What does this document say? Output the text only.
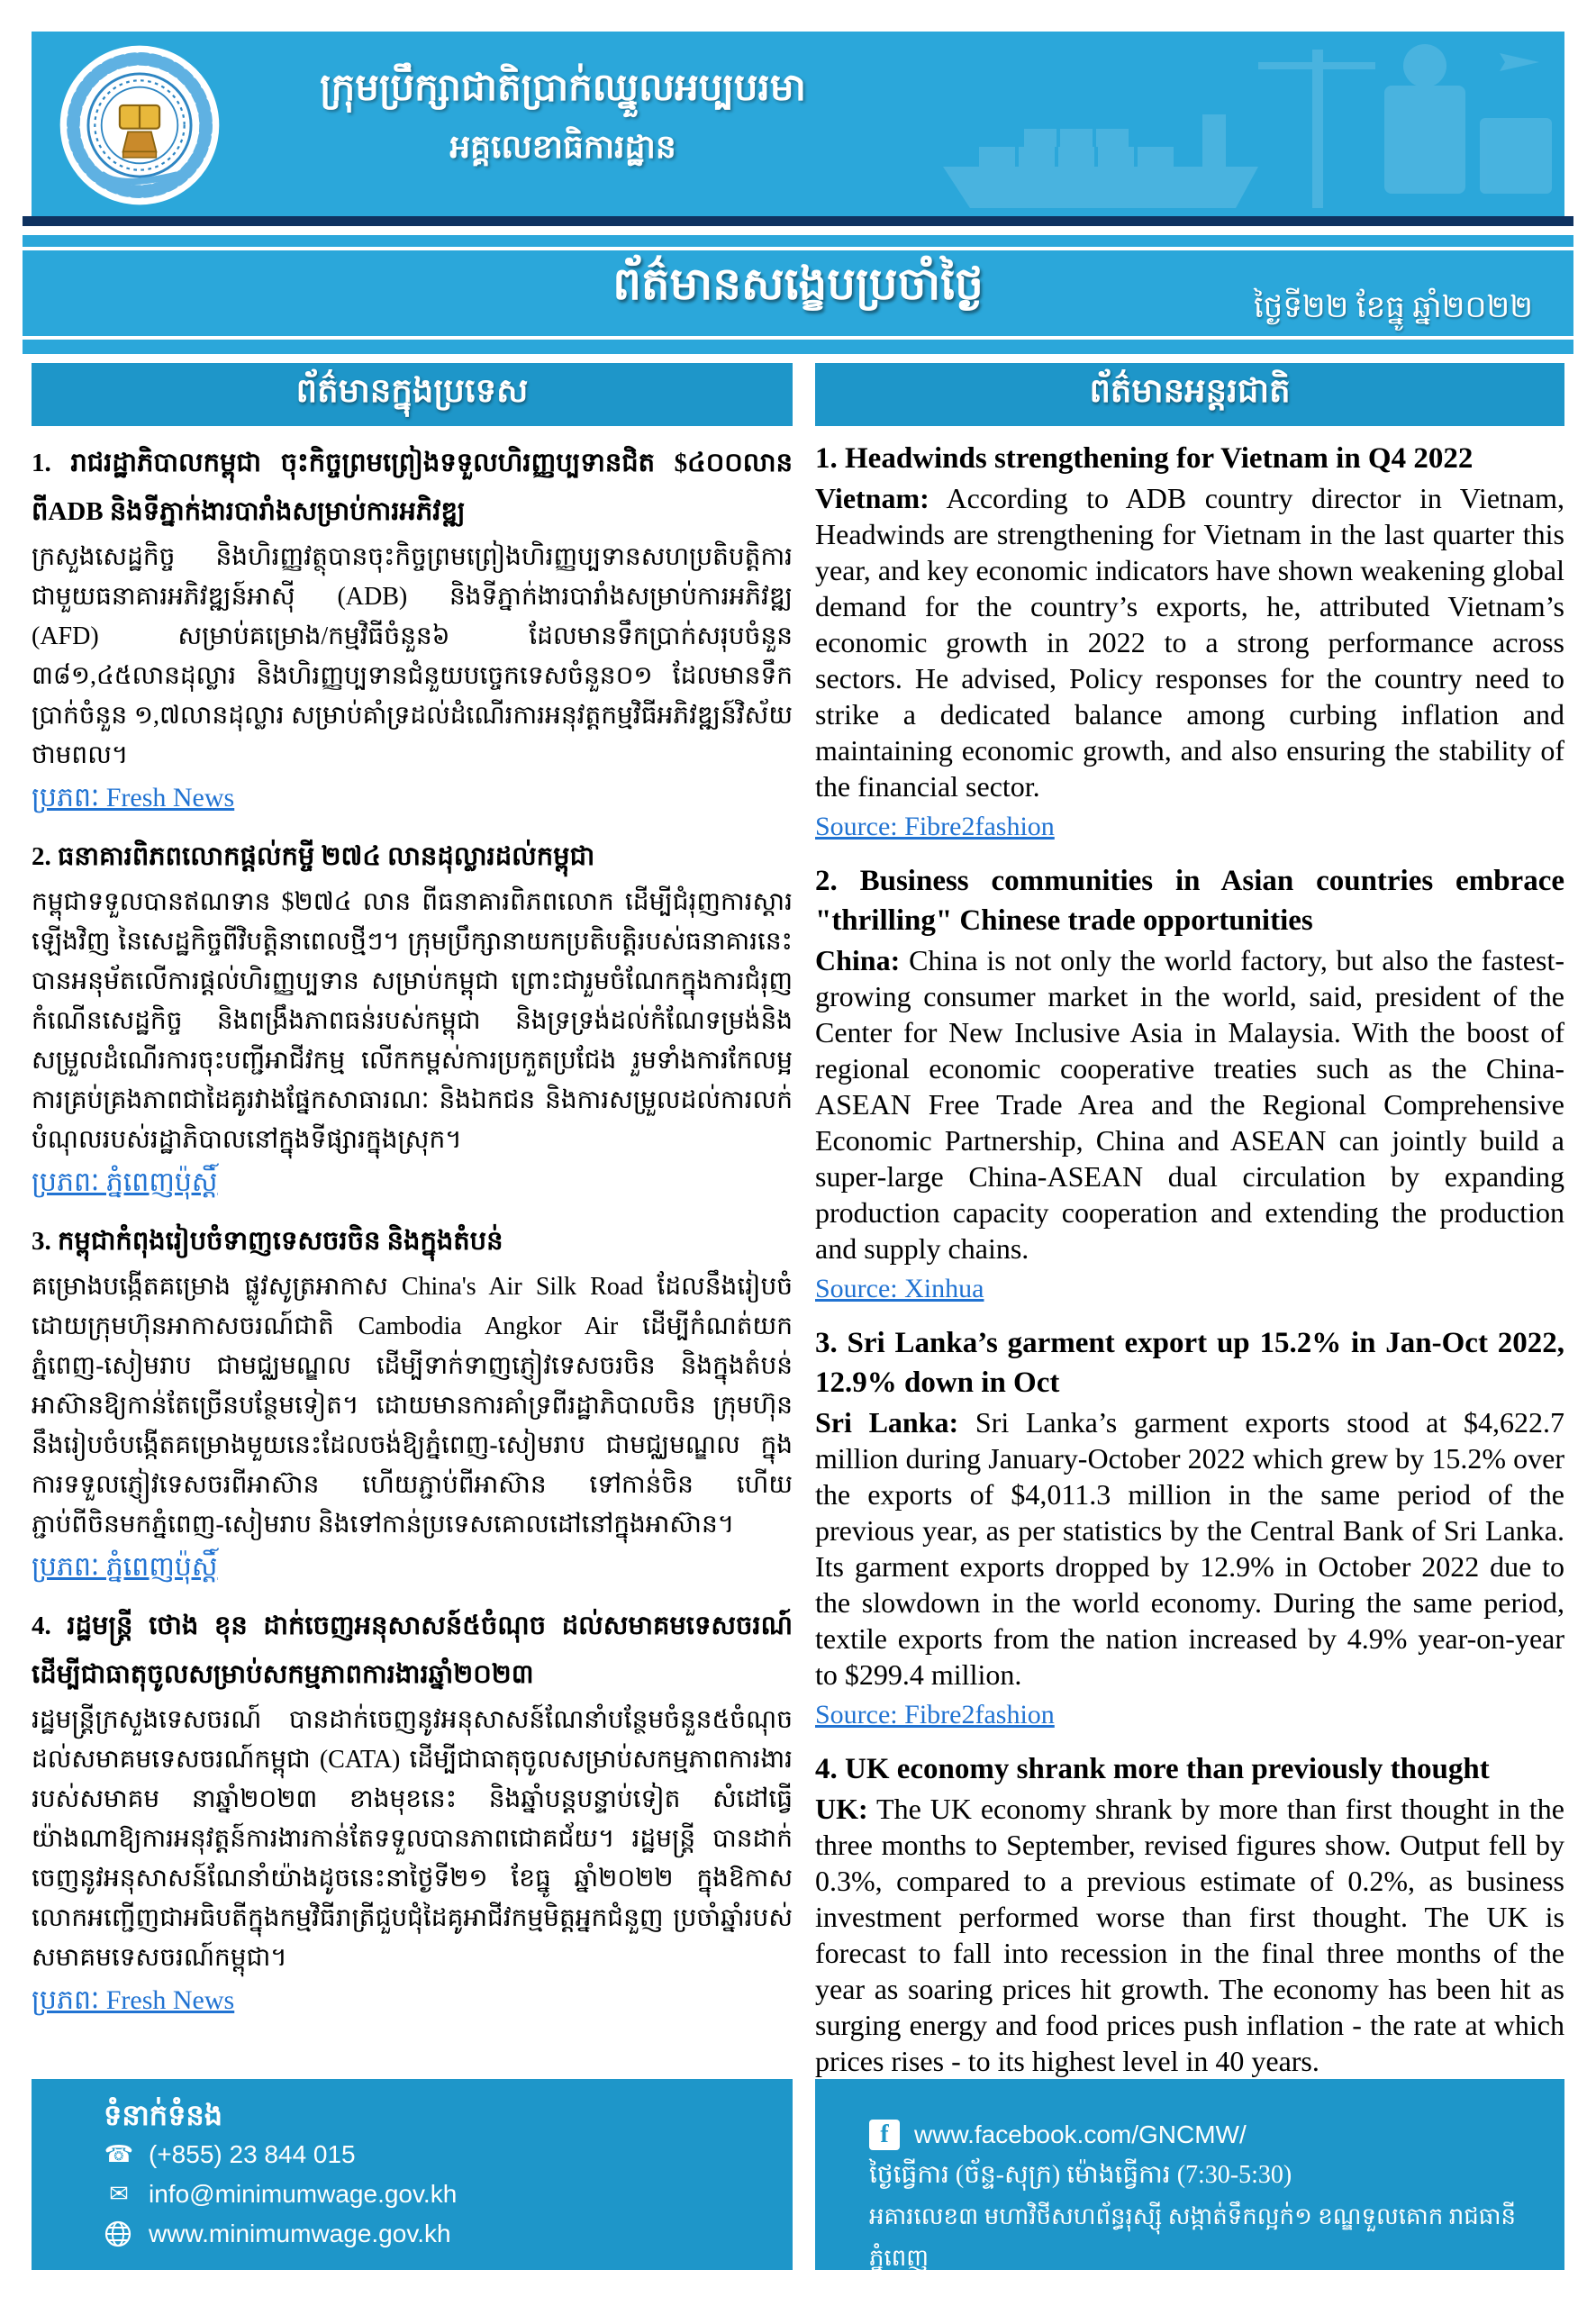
ក្រុមប្រឹក្សាជាតិប្រាក់ឈ្នួលអប្បបរមា
អគ្គលេខាធិការដ្ឋាន
ព័ត៌មានសង្ខេបប្រចាំថ្ងៃ	ថ្ងៃទី២២ ខែធ្នូ ឆ្នាំ២០២២
ព័ត៌មានក្នុងប្រទេស	ព័ត៌មានអន្តរជាតិ
1. រាជរដ្ឋាភិបាលកម្ពុជា ចុះកិច្ចព្រមព្រៀងទទួលហិរញ្ញប្បទានជិត $៤០០លាន ពីADB និងទីភ្នាក់ងារបារាំងសម្រាប់ការអភិវឌ្ឍ

ក្រសួងសេដ្ឋកិច្ច និងហិរញ្ញវត្ថុបានចុះកិច្ចព្រមព្រៀងហិរញ្ញប្បទានសហប្រតិបត្តិការ ជាមួយធនាគារអភិវឌ្ឍន៍អាស៊ី (ADB) និងទីភ្នាក់ងារបារាំងសម្រាប់ការអភិវឌ្ឍ (AFD) សម្រាប់គម្រោង/កម្មវិធីចំនួន៦ ដែលមានទឹកប្រាក់សរុបចំនួន ៣៨១,៤៥លានដុល្លារ និងហិរញ្ញប្បទានជំនួយបច្ចេកទេសចំនួន០១ ដែលមានទឹកប្រាក់ចំនួន ១,៧លានដុល្លារ សម្រាប់គាំទ្រដល់ដំណើរការអនុវត្តកម្មវិធីអភិវឌ្ឍន៍វិស័យថាមពល។

ប្រភពៈ Fresh News
2. ធនាគារពិភពលោកផ្តល់កម្ចី ២៧៤ លានដុល្លារដល់កម្ពុជា

កម្ពុជាទទួលបានឥណទាន $២៧៤ លាន ពីធនាគារពិភពលោក ដើម្បីជំរុញការស្ដារឡើងវិញ នៃសេដ្ឋកិច្ចពីវិបត្តិនាពេលថ្មីៗ។ ក្រុមប្រឹក្សានាយកប្រតិបត្តិរបស់ធនាគារនេះ បានអនុម័តលើការផ្ដល់ហិរញ្ញប្បទាន សម្រាប់កម្ពុជា ព្រោះជារួមចំណែកក្នុងការជំរុញកំណើនសេដ្ឋកិច្ច និងពង្រឹងភាពធន់របស់កម្ពុជា និងទ្រទ្រង់ដល់កំណែទម្រង់និងសម្រួលដំណើរការចុះបញ្ជីអាជីវកម្ម លើកកម្ពស់ការប្រកួតប្រជែង រួមទាំងការកែលម្អ ការគ្រប់គ្រងភាពជាដៃគូរវាងផ្នែកសាធារណៈ និងឯកជន និងការសម្រួលដល់ការលក់បំណុលរបស់រដ្ឋាភិបាលនៅក្នុងទីផ្សារក្នុងស្រុក។

ប្រភពៈ ភ្នំពេញប៉ុស្ដិ៍
3. កម្ពុជាកំពុងរៀបចំទាញទេសចរចិន និងក្នុងតំបន់

គម្រោងបង្កើតគម្រោង ផ្លូវសូត្រអាកាស China's Air Silk Road ដែលនឹងរៀបចំដោយក្រុមហ៊ុនអាកាសចរណ៍ជាតិ Cambodia Angkor Air ដើម្បីកំណត់យកភ្នំពេញ-សៀមរាប ជាមជ្ឈមណ្ឌល ដើម្បីទាក់ទាញភ្ញៀវទេសចរចិន និងក្នុងតំបន់អាស៊ានឱ្យកាន់តែច្រើនបន្ថែមទៀត។ ដោយមានការគាំទ្រពីរដ្ឋាភិបាលចិន ក្រុមហ៊ុននឹងរៀបចំបង្កើតគម្រោងមួយនេះដែលចង់ឱ្យភ្នំពេញ-សៀមរាប ជាមជ្ឈមណ្ឌល ក្នុងការទទួលភ្ញៀវទេសចរពីអាស៊ាន ហើយភ្ជាប់ពីអាស៊ាន ទៅកាន់ចិន ហើយភ្ជាប់ពីចិនមកភ្នំពេញ-សៀមរាប និងទៅកាន់ប្រទេសគោលដៅនៅក្នុងអាស៊ាន។

ប្រភពៈ ភ្នំពេញប៉ុស្ដិ៍
4. រដ្ឋមន្ត្រី ថោង ខុន ដាក់ចេញអនុសាសន៍៥ចំណុច ដល់សមាគមទេសចរណ៍ ដើម្បីជាធាតុចូលសម្រាប់សកម្មភាពការងារឆ្នាំ២០២៣

រដ្ឋមន្ត្រីក្រសួងទេសចរណ៍ បានដាក់ចេញនូវអនុសាសន៍ណែនាំបន្ថែមចំនួន៥ចំណុច ដល់សមាគមទេសចរណ៍កម្ពុជា (CATA) ដើម្បីជាធាតុចូលសម្រាប់សកម្មភាពការងាររបស់សមាគម នាឆ្នាំ២០២៣ ខាងមុខនេះ និងឆ្នាំបន្តបន្ទាប់ទៀត សំដៅធ្វើយ៉ាងណាឱ្យការអនុវត្តន៍ការងារកាន់តែទទួលបានភាពជោគជ័យ។ រដ្ឋមន្ត្រី បានដាក់ចេញនូវអនុសាសន៍ណែនាំយ៉ាងដូចនេះនាថ្ងៃទី២១ ខែធ្នូ ឆ្នាំ២០២២ ក្នុងឱកាសលោកអញ្ជើញជាអធិបតីក្នុងកម្មវិធីរាត្រីជួបជុំដៃគូអាជីវកម្មមិត្តអ្នកជំនួញ ប្រចាំឆ្នាំរបស់សមាគមទេសចរណ៍កម្ពុជា។

ប្រភពៈ Fresh News
1. Headwinds strengthening for Vietnam in Q4 2022

Vietnam: According to ADB country director in Vietnam, Headwinds are strengthening for Vietnam in the last quarter this year, and key economic indicators have shown weakening global demand for the country’s exports, he, attributed Vietnam’s economic growth in 2022 to a strong performance across sectors. He advised, Policy responses for the country need to strike a dedicated balance among curbing inflation and maintaining economic growth, and also ensuring the stability of the financial sector.

Source: Fibre2fashion
2. Business communities in Asian countries embrace "thrilling" Chinese trade opportunities

China: China is not only the world factory, but also the fastest-growing consumer market in the world, said, president of the Center for New Inclusive Asia in Malaysia. With the boost of regional economic cooperative treaties such as the China-ASEAN Free Trade Area and the Regional Comprehensive Economic Partnership, China and ASEAN can jointly build a super-large China-ASEAN dual circulation by expanding production capacity cooperation and extending the production and supply chains.

Source: Xinhua
3. Sri Lanka’s garment export up 15.2% in Jan-Oct 2022, 12.9% down in Oct

Sri Lanka: Sri Lanka’s garment exports stood at $4,622.7 million during January-October 2022 which grew by 15.2% over the exports of $4,011.3 million in the same period of the previous year, as per statistics by the Central Bank of Sri Lanka. Its garment exports dropped by 12.9% in October 2022 due to the slowdown in the world economy. During the same period, textile exports from the nation increased by 4.9% year-on-year to $299.4 million.

Source: Fibre2fashion
4. UK economy shrank more than previously thought

UK: The UK economy shrank by more than first thought in the three months to September, revised figures show. Output fell by 0.3%, compared to a previous estimate of 0.2%, as business investment performed worse than first thought. The UK is forecast to fall into recession in the final three months of the year as soaring prices hit growth. The economy has been hit as surging energy and food prices push inflation - the rate at which prices rises - to its highest level in 40 years.

ទំនាក់ទំនង
☎ (+855) 23 844 015
✉ info@minimumwage.gov.kh
www.minimumwage.gov.kh
f	www.facebook.com/GNCMW/
ថ្ងៃធ្វើការ (ច័ន្ទ-សុក្រ) ម៉ោងធ្វើការ (7:30-5:30)
អគារលេខ៣ មហាវិថីសហព័ន្ធរុស្ស៊ី សង្កាត់ទឹកល្អក់១ ខណ្ឌទួលគោក រាជធានីភ្នំពេញ
